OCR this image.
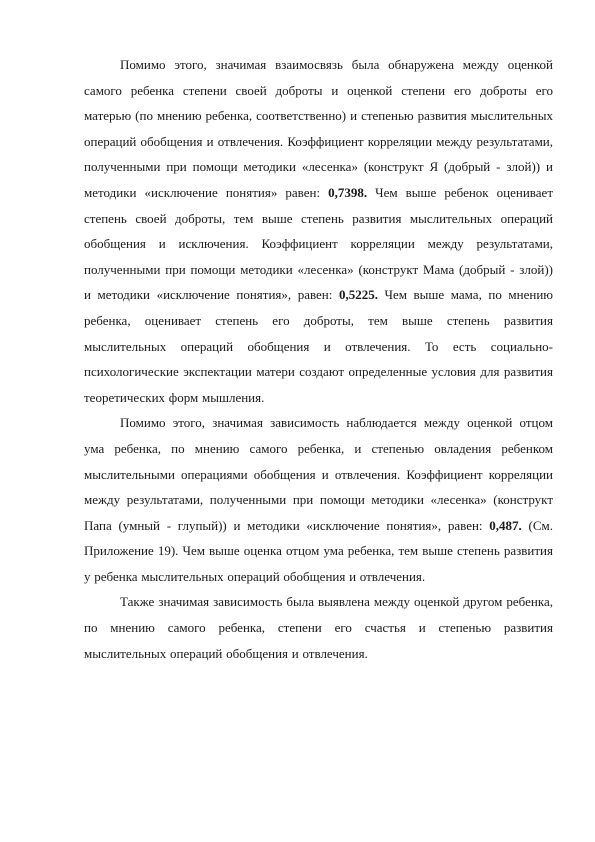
Помимо этого, значимая взаимосвязь была обнаружена между оценкой самого ребенка степени своей доброты и оценкой степени его доброты его матерью (по мнению ребенка, соответственно) и степенью развития мыслительных операций обобщения и отвлечения. Коэффициент корреляции между результатами, полученными при помощи методики «лесенка» (конструкт Я (добрый - злой)) и методики «исключение понятия» равен: 0,7398. Чем выше ребенок оценивает степень своей доброты, тем выше степень развития мыслительных операций обобщения и исключения. Коэффициент корреляции между результатами, полученными при помощи методики «лесенка» (конструкт Мама (добрый - злой)) и методики «исключение понятия», равен: 0,5225. Чем выше мама, по мнению ребенка, оценивает степень его доброты, тем выше степень развития мыслительных операций обобщения и отвлечения. То есть социально-психологические экспектации матери создают определенные условия для развития теоретических форм мышления.

Помимо этого, значимая зависимость наблюдается между оценкой отцом ума ребенка, по мнению самого ребенка, и степенью овладения ребенком мыслительными операциями обобщения и отвлечения. Коэффициент корреляции между результатами, полученными при помощи методики «лесенка» (конструкт Папа (умный - глупый)) и методики «исключение понятия», равен: 0,487. (См. Приложение 19). Чем выше оценка отцом ума ребенка, тем выше степень развития у ребенка мыслительных операций обобщения и отвлечения.

Также значимая зависимость была выявлена между оценкой другом ребенка, по мнению самого ребенка, степени его счастья и степенью развития мыслительных операций обобщения и отвлечения.
